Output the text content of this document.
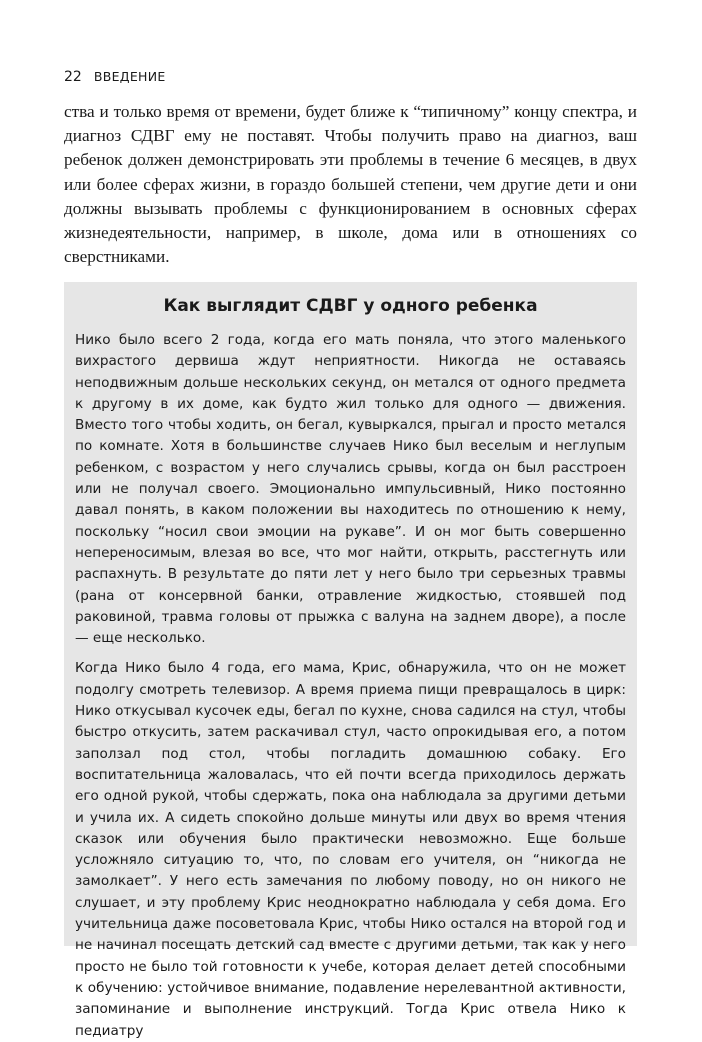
22 ВВЕДЕНИЕ

ства и только время от времени, будет ближе к “типичному” концу спектра, и диагноз СДВГ ему не поставят. Чтобы получить право на диагноз, ваш ребенок должен демонстрировать эти проблемы в течение 6 месяцев, в двух или более сферах жизни, в гораздо большей степени, чем другие дети и они должны вызывать проблемы с функционированием в основных сферах жизнедеятельности, например, в школе, дома или в отношениях со сверстниками.

Как выглядит СДВГ у одного ребенка

Нико было всего 2 года, когда его мать поняла, что этого маленького вихрастого дервиша ждут неприятности. Никогда не оставаясь неподвижным дольше нескольких секунд, он метался от одного предмета к другому в их доме, как будто жил только для одного — движения. Вместо того чтобы ходить, он бегал, кувыркался, прыгал и просто метался по комнате. Хотя в большинстве случаев Нико был веселым и неглупым ребенком, с возрастом у него случались срывы, когда он был расстроен или не получал своего. Эмоционально импульсивный, Нико постоянно давал понять, в каком положении вы находитесь по отношению к нему, поскольку “носил свои эмоции на рукаве”. И он мог быть совершенно непереносимым, влезая во все, что мог найти, открыть, расстегнуть или распахнуть. В результате до пяти лет у него было три серьезных травмы (рана от консервной банки, отравление жидкостью, стоявшей под раковиной, травма головы от прыжка с валуна на заднем дворе), а после — еще несколько.

Когда Нико было 4 года, его мама, Крис, обнаружила, что он не может подолгу смотреть телевизор. А время приема пищи превращалось в цирк: Нико откусывал кусочек еды, бегал по кухне, снова садился на стул, чтобы быстро откусить, затем раскачивал стул, часто опрокидывая его, а потом заползал под стол, чтобы погладить домашнюю собаку. Его воспитательница жаловалась, что ей почти всегда приходилось держать его одной рукой, чтобы сдержать, пока она наблюдала за другими детьми и учила их. А сидеть спокойно дольше минуты или двух во время чтения сказок или обучения было практически невозможно. Еще больше усложняло ситуацию то, что, по словам его учителя, он “никогда не замолкает”. У него есть замечания по любому поводу, но он никого не слушает, и эту проблему Крис неоднократно наблюдала у себя дома. Его учительница даже посоветовала Крис, чтобы Нико остался на второй год и не начинал посещать детский сад вместе с другими детьми, так как у него просто не было той готовности к учебе, которая делает детей способными к обучению: устойчивое внимание, подавление нерелевантной активности, запоминание и выполнение инструкций. Тогда Крис отвела Нико к педиатру
